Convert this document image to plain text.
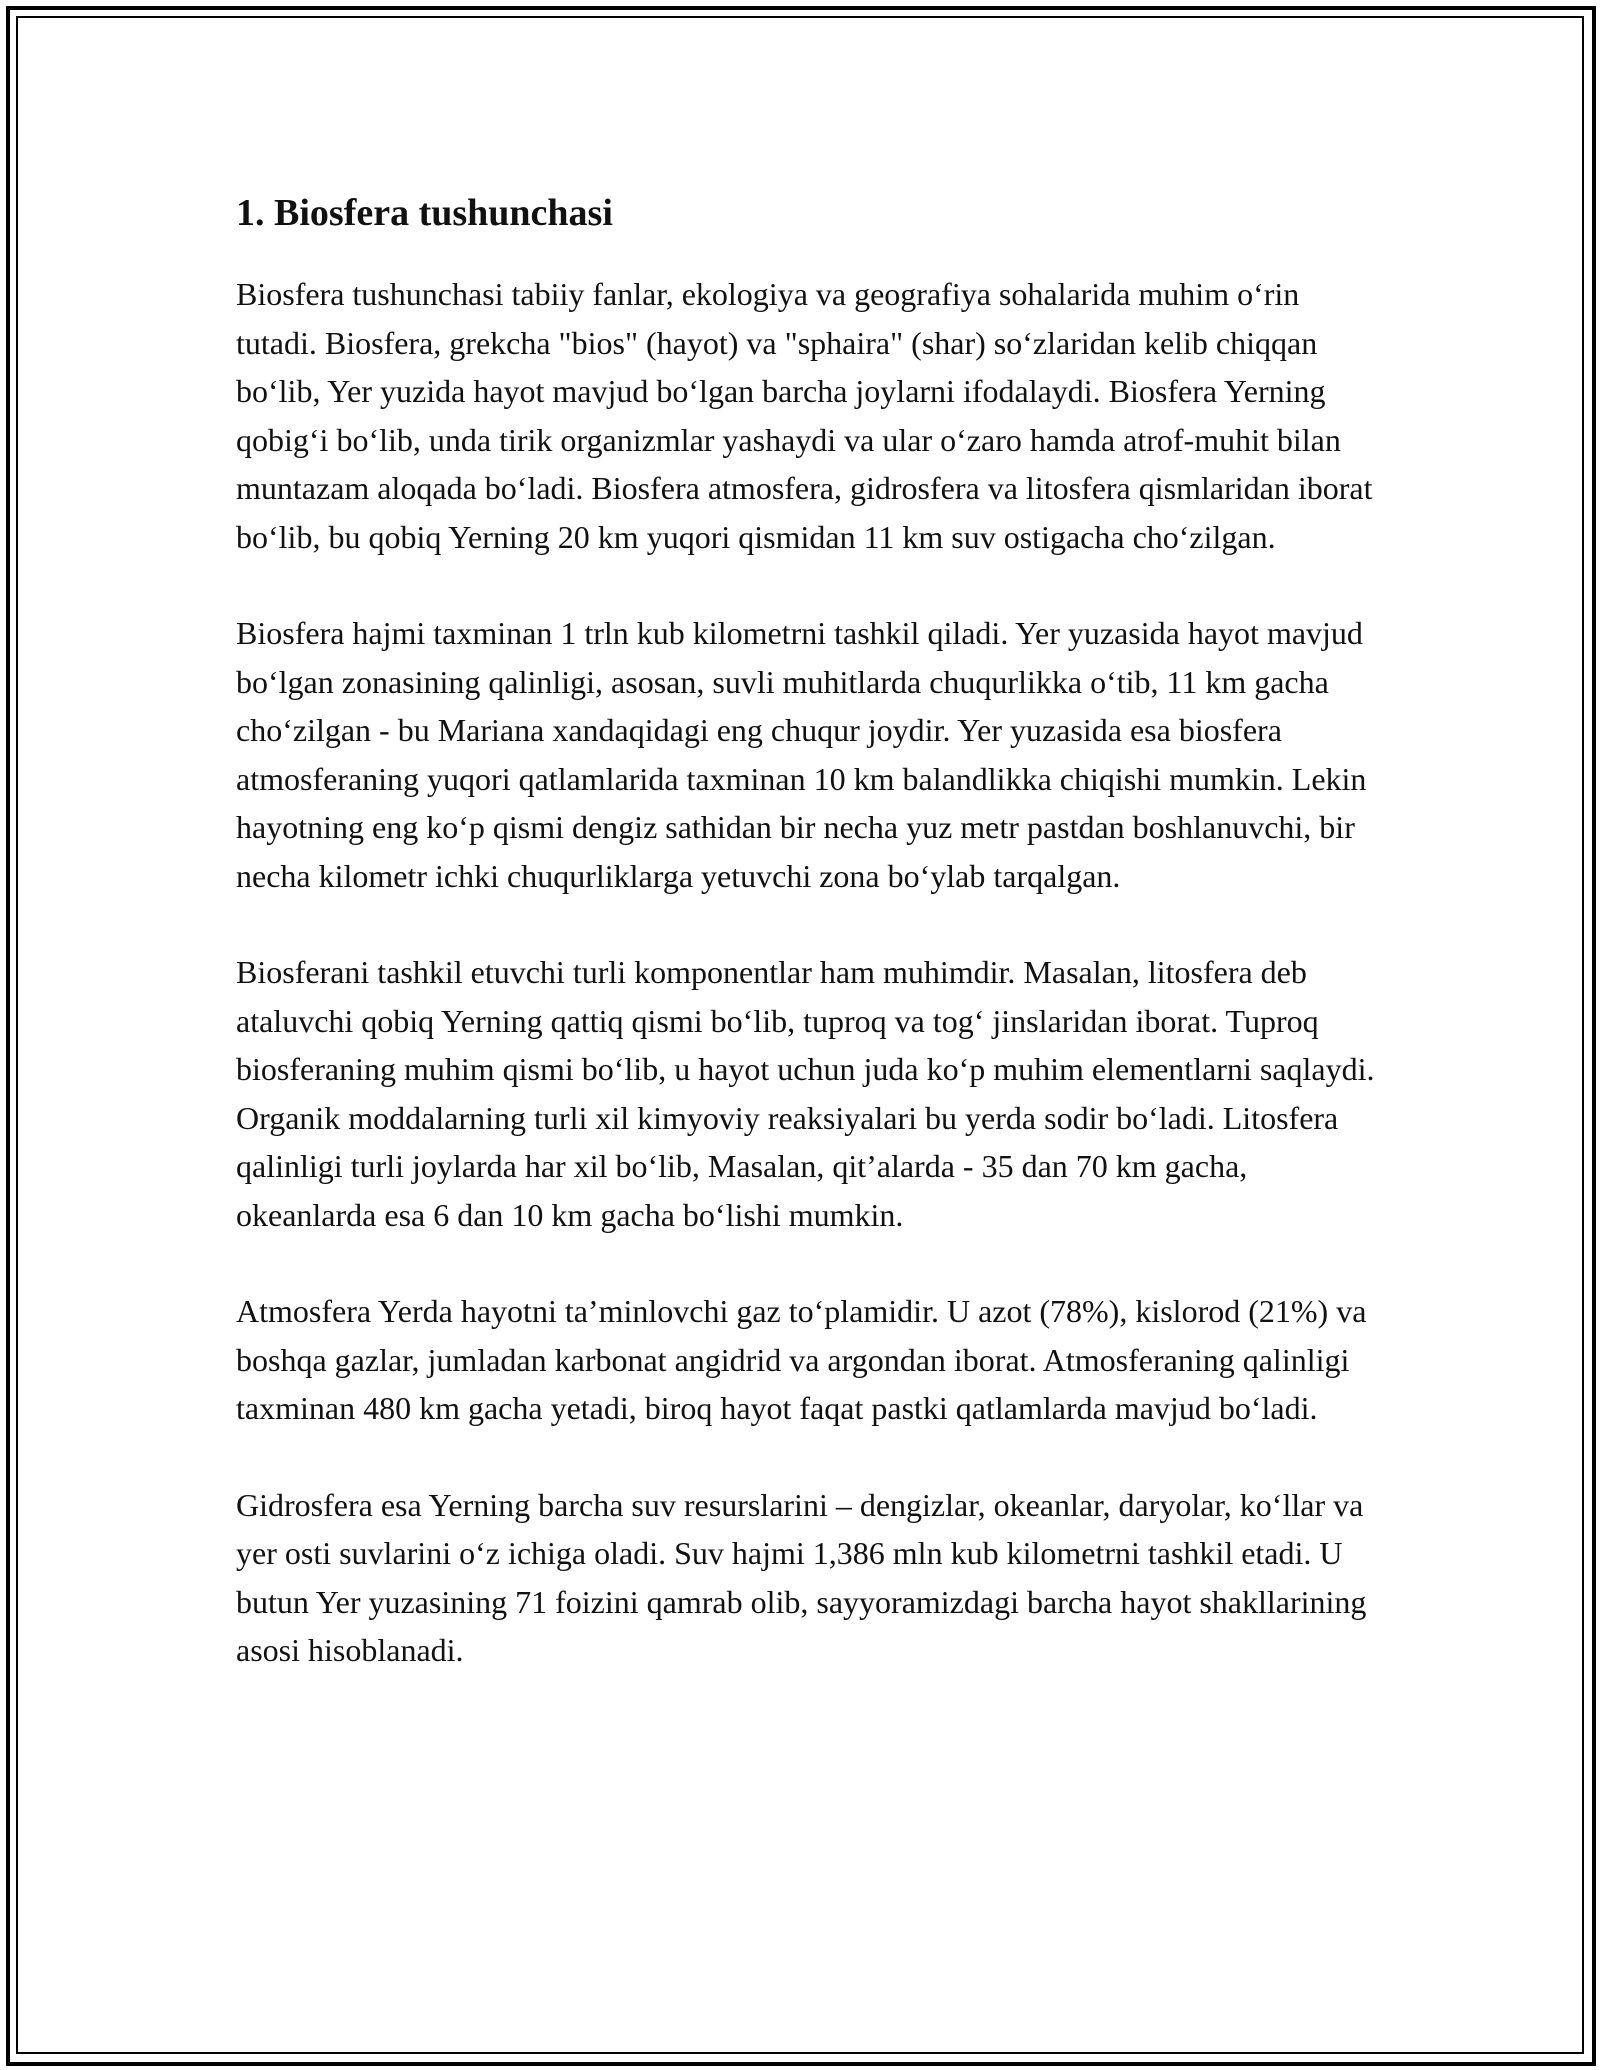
1. Biosfera tushunchasi

Biosfera tushunchasi tabiiy fanlar, ekologiya va geografiya sohalarida muhim o‘rin tutadi. Biosfera, grekcha "bios" (hayot) va "sphaira" (shar) so‘zlaridan kelib chiqqan bo‘lib, Yer yuzida hayot mavjud bo‘lgan barcha joylarni ifodalaydi. Biosfera Yerning qobig‘i bo‘lib, unda tirik organizmlar yashaydi va ular o‘zaro hamda atrof-muhit bilan muntazam aloqada bo‘ladi. Biosfera atmosfera, gidrosfera va litosfera qismlaridan iborat bo‘lib, bu qobiq Yerning 20 km yuqori qismidan 11 km suv ostigacha cho‘zilgan.

Biosfera hajmi taxminan 1 trln kub kilometrni tashkil qiladi. Yer yuzasida hayot mavjud bo‘lgan zonasining qalinligi, asosan, suvli muhitlarda chuqurlikka o‘tib, 11 km gacha cho‘zilgan - bu Mariana xandaqidagi eng chuqur joydir. Yer yuzasida esa biosfera atmosferaning yuqori qatlamlarida taxminan 10 km balandlikka chiqishi mumkin. Lekin hayotning eng ko‘p qismi dengiz sathidan bir necha yuz metr pastdan boshlanuvchi, bir necha kilometr ichki chuqurliklarga yetuvchi zona bo‘ylab tarqalgan.

Biosferani tashkil etuvchi turli komponentlar ham muhimdir. Masalan, litosfera deb ataluvchi qobiq Yerning qattiq qismi bo‘lib, tuproq va tog‘ jinslaridan iborat. Tuproq biosferaning muhim qismi bo‘lib, u hayot uchun juda ko‘p muhim elementlarni saqlaydi. Organik moddalarning turli xil kimyoviy reaksiyalari bu yerda sodir bo‘ladi. Litosfera qalinligi turli joylarda har xil bo‘lib, Masalan, qit’alarda - 35 dan 70 km gacha, okeanlarda esa 6 dan 10 km gacha bo‘lishi mumkin.

Atmosfera Yerda hayotni ta’minlovchi gaz to‘plamidir. U azot (78%), kislorod (21%) va boshqa gazlar, jumladan karbonat angidrid va argondan iborat. Atmosferaning qalinligi taxminan 480 km gacha yetadi, biroq hayot faqat pastki qatlamlarda mavjud bo‘ladi.

Gidrosfera esa Yerning barcha suv resurslarini – dengizlar, okeanlar, daryolar, ko‘llar va yer osti suvlarini o‘z ichiga oladi. Suv hajmi 1,386 mln kub kilometrni tashkil etadi. U butun Yer yuzasining 71 foizini qamrab olib, sayyoramizdagi barcha hayot shakllarining asosi hisoblanadi.
